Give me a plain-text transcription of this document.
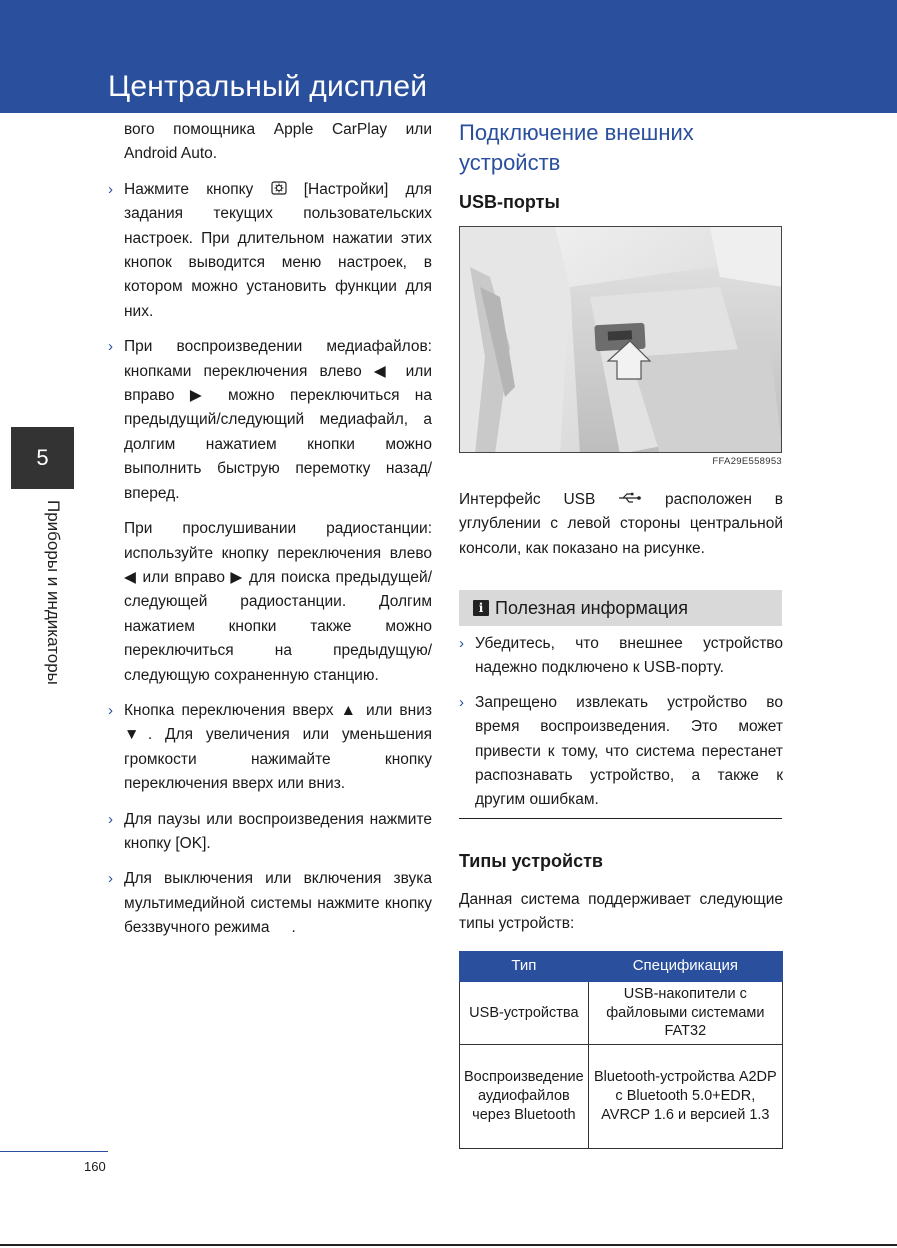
Центральный дисплей
5
Приборы и индикаторы

вого помощника Apple CarPlay или Android Auto.

› Нажмите кнопку  [Настройки] для задания текущих пользовательских настроек. При длительном нажатии этих кнопок выводится меню настроек, в котором можно установить функции для них.
› При воспроизведении медиафайлов: кнопками переключения влево ◀ или вправо ▶ можно переключиться на предыдущий/следующий медиафайл, а долгим нажатием кнопки можно выполнить быструю перемотку назад/вперед.

При прослушивании радиостанции: используйте кнопку переключения влево ◀ или вправо ▶ для поиска предыдущей/следующей радиостанции. Долгим нажатием кнопки также можно переключиться на предыдущую/следующую сохраненную станцию.

› Кнопка переключения вверх ▲ или вниз ▼. Для увеличения или уменьшения громкости нажимайте кнопку переключения вверх или вниз.
› Для паузы или воспроизведения нажмите кнопку [OK].
› Для выключения или включения звука мультимедийной системы нажмите кнопку беззвучного режима .

Подключение внешних
устройств

USB-порты

FFA29E558953
Интерфейс USB  расположен в углублении с левой стороны центральной консоли, как показано на рисунке.
i Полезная информация
› Убедитесь, что внешнее устройство надежно подключено к USB-порту.
› Запрещено извлекать устройство во время воспроизведения. Это может привести к тому, что система перестанет распознавать устройство, а также к другим ошибкам.
Типы устройств
Данная система поддерживает следующие типы устройств:
Тип	Спецификация
USB-устройства	USB-накопители с файловыми системами FAT32
Воспроизведение аудиофайлов через Bluetooth	Bluetooth-устройства A2DP с Bluetooth 5.0+EDR, AVRCP 1.6 и версией 1.3
160
